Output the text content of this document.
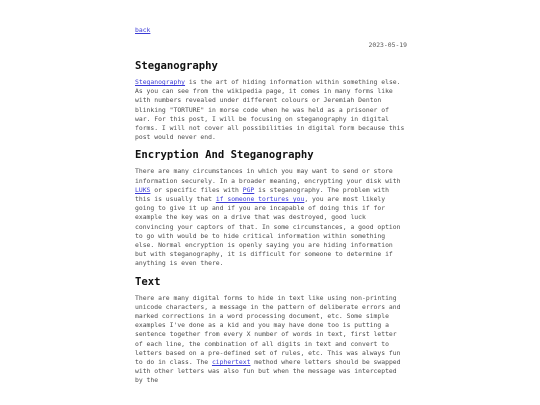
back
2023-05-19
Steganography

Steganography is the art of hiding information within something else. As you can see from the wikipedia page, it comes in many forms like with numbers revealed under different colours or Jeremiah Denton blinking "TORTURE" in morse code when he was held as a prisoner of war. For this post, I will be focusing on steganography in digital forms. I will not cover all possibilities in digital form because this post would never end.

Encryption And Steganography

There are many circumstances in which you may want to send or store information securely. In a broader meaning, encrypting your disk with LUKS or specific files with PGP is steganography. The problem with this is usually that if someone tortures you, you are most likely going to give it up and if you are incapable of doing this if for example the key was on a drive that was destroyed, good luck convincing your captors of that. In some circumstances, a good option to go with would be to hide critical information within something else. Normal encryption is openly saying you are hiding information but with steganography, it is difficult for someone to determine if anything is even there.

Text

There are many digital forms to hide in text like using non-printing unicode characters, a message in the pattern of deliberate errors and marked corrections in a word processing document, etc. Some simple examples I've done as a kid and you may have done too is putting a sentence together from every X number of words in text, first letter of each line, the combination of all digits in text and convert to letters based on a pre-defined set of rules, etc. This was always fun to do in class. The ciphertext method where letters should be swapped with other letters was also fun but when the message was intercepted by the
